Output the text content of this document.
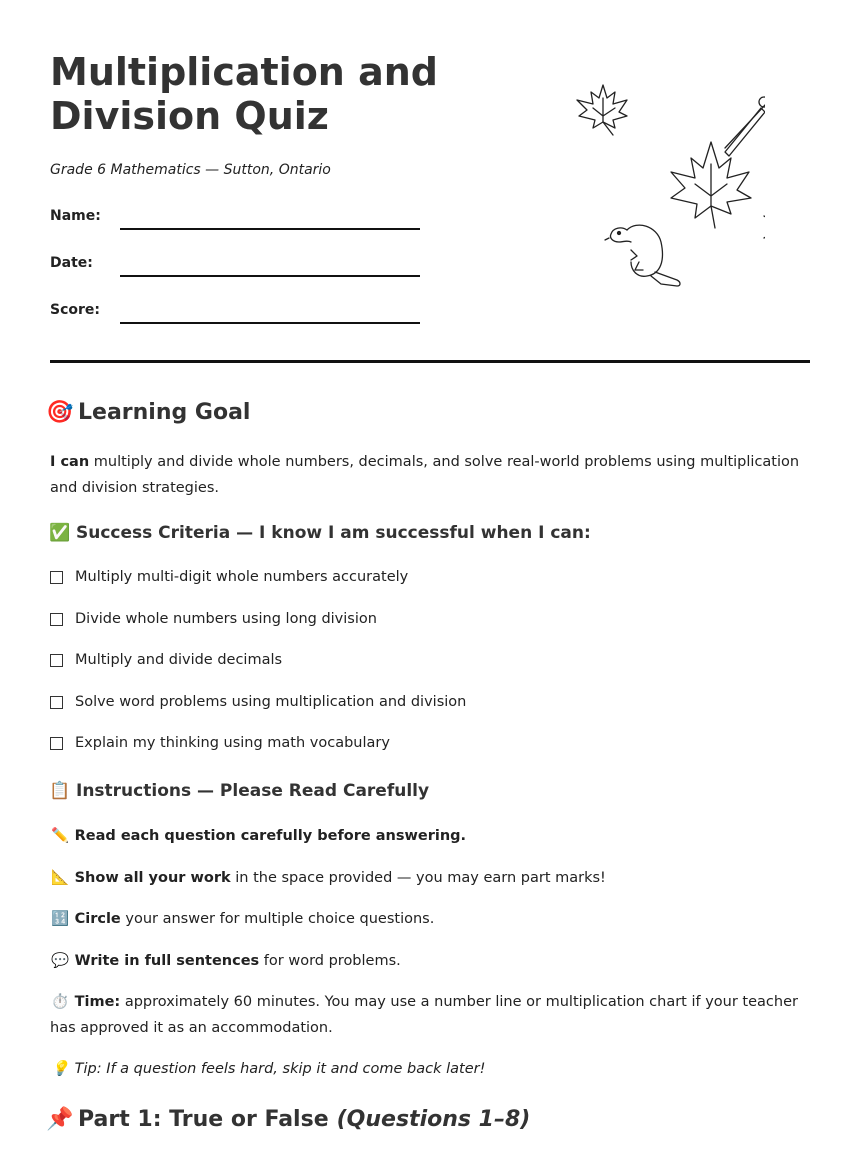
Multiplication and
Division Quiz

Grade 6 Mathematics — Sutton, Ontario

Name:
Date:
Score:
🎯 Learning Goal

I can multiply and divide whole numbers, decimals, and solve real-world problems using multiplication and division strategies.

✅ Success Criteria — I know I am successful when I can:
Multiply multi-digit whole numbers accurately
Divide whole numbers using long division
Multiply and divide decimals
Solve word problems using multiplication and division
Explain my thinking using math vocabulary
📋 Instructions — Please Read Carefully
✏️ Read each question carefully before answering.
📐 Show all your work in the space provided — you may earn part marks!
🔢 Circle your answer for multiple choice questions.
💬 Write in full sentences for word problems.
⏱️ Time: approximately 60 minutes. You may use a number line or multiplication chart if your teacher has approved it as an accommodation.
💡 Tip: If a question feels hard, skip it and come back later!
📌 Part 1: True or False (Questions 1–8)
